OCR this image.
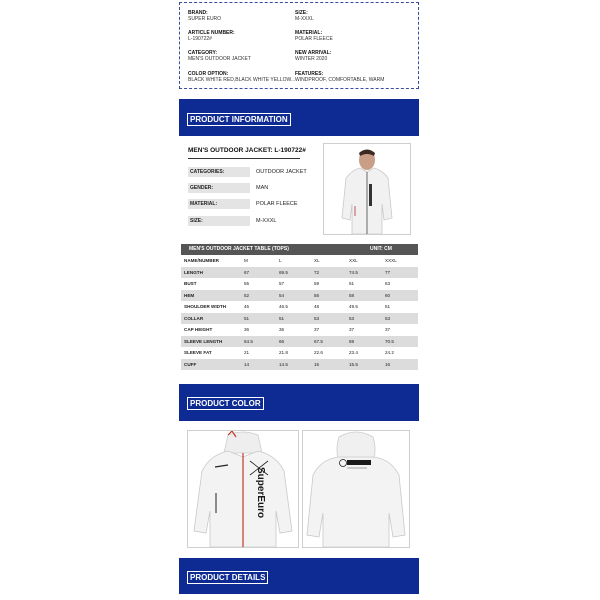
BRAND:
SUPER EURO
SIZE:
M-XXXL
ARTICLE NUMBER:
L-190722#
MATERIAL:
POLAR FLEECE
CATEGORY:
MEN'S OUTDOOR JACKET
NEW ARRIVAL:
WINTER 2020
COLOR OPTION:
BLACK WHITE RED,BLACK WHITE YELLOW...
FEATURES:
WINDPROOF, COMFORTABLE, WARM
PRODUCT INFORMATION
MEN'S OUTDOOR JACKET: L-190722#
CATEGORIES:	OUTDOOR JACKET
GENDER:	MAN
MATERIAL:	POLAR FLEECE
SIZE:	M-XXXL
MEN'S OUTDOOR JACKET TABLE (TOPS)	UNIT: CM
NAME/NUMBER	M	L	XL	XXL	XXXL
LENGTH	67	69.5	72	74.5	77
BUST	55	57	59	61	63
HEM	52	54	56	58	60
SHOULDER WIDTH	45	46.5	48	49.5	51
COLLAR	51	51	53	53	53
CAP HEIGHT	36	36	37	37	37
SLEEVE LENGTH	64.5	66	67.5	69	70.5
SLEEVE FAT	21	21.8	22.6	23.4	24.2
CUFF	14	14.5	15	15.5	16
PRODUCT COLOR
SuperEuro
PRODUCT DETAILS
